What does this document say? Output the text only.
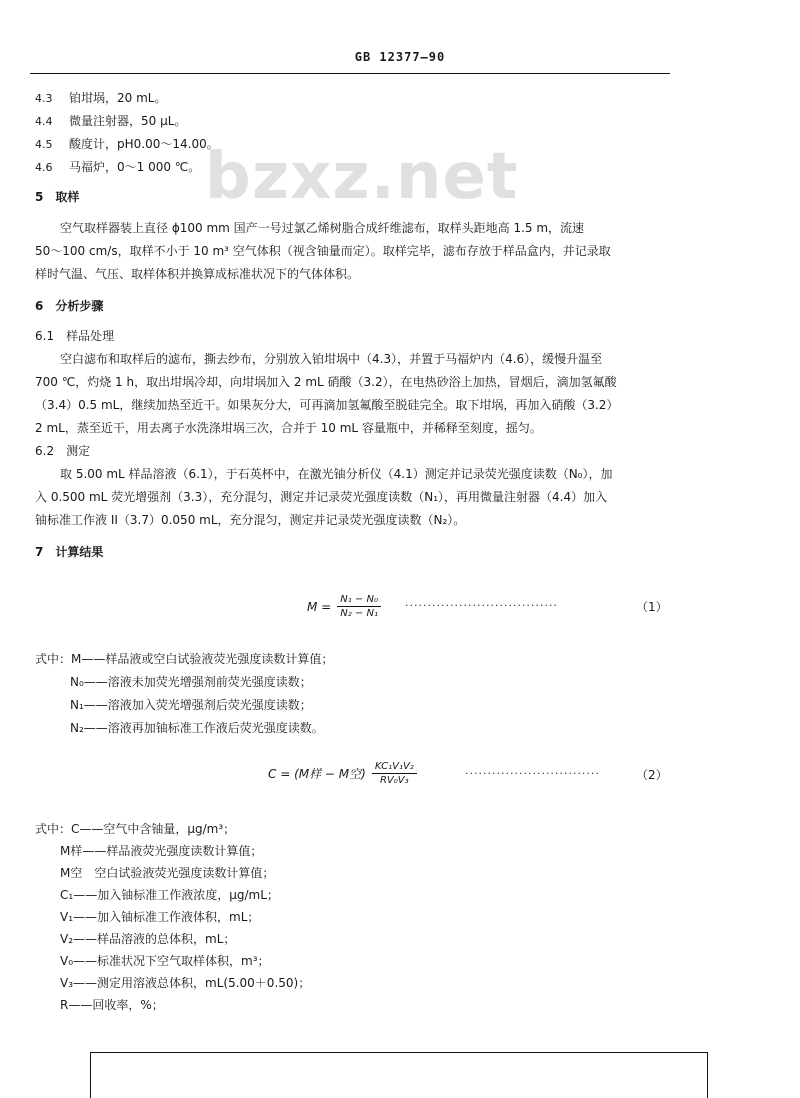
GB 12377—90
bzxz.net
4.3 铂坩埚，20 mL。
4.4 微量注射器，50 μL。
4.5 酸度计，pH0.00～14.00。
4.6 马福炉，0～1 000 ℃。
5　取样
空气取样器装上直径 ϕ100 mm 国产一号过氯乙烯树脂合成纤维滤布，取样头距地高 1.5 m，流速
50～100 cm/s，取样不小于 10 m³ 空气体积（视含铀量而定）。取样完毕，滤布存放于样品盒内，并记录取
样时气温、气压、取样体积并换算成标准状况下的气体体积。
6　分析步骤
6.1　样品处理
空白滤布和取样后的滤布，撕去纱布，分别放入铂坩埚中（4.3），并置于马福炉内（4.6），缓慢升温至
700 ℃，灼烧 1 h，取出坩埚冷却，向坩埚加入 2 mL 硝酸（3.2），在电热砂浴上加热，冒烟后，滴加氢氟酸
（3.4）0.5 mL，继续加热至近干。如果灰分大，可再滴加氢氟酸至脱硅完全。取下坩埚，再加入硝酸（3.2）
2 mL，蒸至近干，用去离子水洗涤坩埚三次，合并于 10 mL 容量瓶中，并稀释至刻度，摇匀。
6.2　测定
取 5.00 mL 样品溶液（6.1），于石英杯中，在激光铀分析仪（4.1）测定并记录荧光强度读数（N₀），加
入 0.500 mL 荧光增强剂（3.3），充分混匀，测定并记录荧光强度读数（N₁），再用微量注射器（4.4）加入
铀标准工作液 II（3.7）0.050 mL，充分混匀，测定并记录荧光强度读数（N₂）。
7　计算结果
$M = \frac{\text{N₁ − N₀}}{\text{N₂ − N₁}}$ ··································	（1）
式中：M——样品液或空白试验液荧光强度读数计算值；
N₀——溶液未加荧光增强剂前荧光强度读数；
N₁——溶液加入荧光增强剂后荧光强度读数；
N₂——溶液再加铀标准工作液后荧光强度读数。
C = (M样 − M空) $\frac{\text{KC₁V₁V₂}}{\text{RV₀V₃}}$	······························	（2）
式中：C——空气中含铀量，μg/m³；
M样——样品液荧光强度读数计算值；
M空　空白试验液荧光强度读数计算值；
C₁——加入铀标准工作液浓度，μg/mL；
V₁——加入铀标准工作液体积，mL；
V₂——样品溶液的总体积，mL；
V₀——标准状况下空气取样体积，m³；
V₃——测定用溶液总体积，mL(5.00＋0.50)；
R——回收率，%；
